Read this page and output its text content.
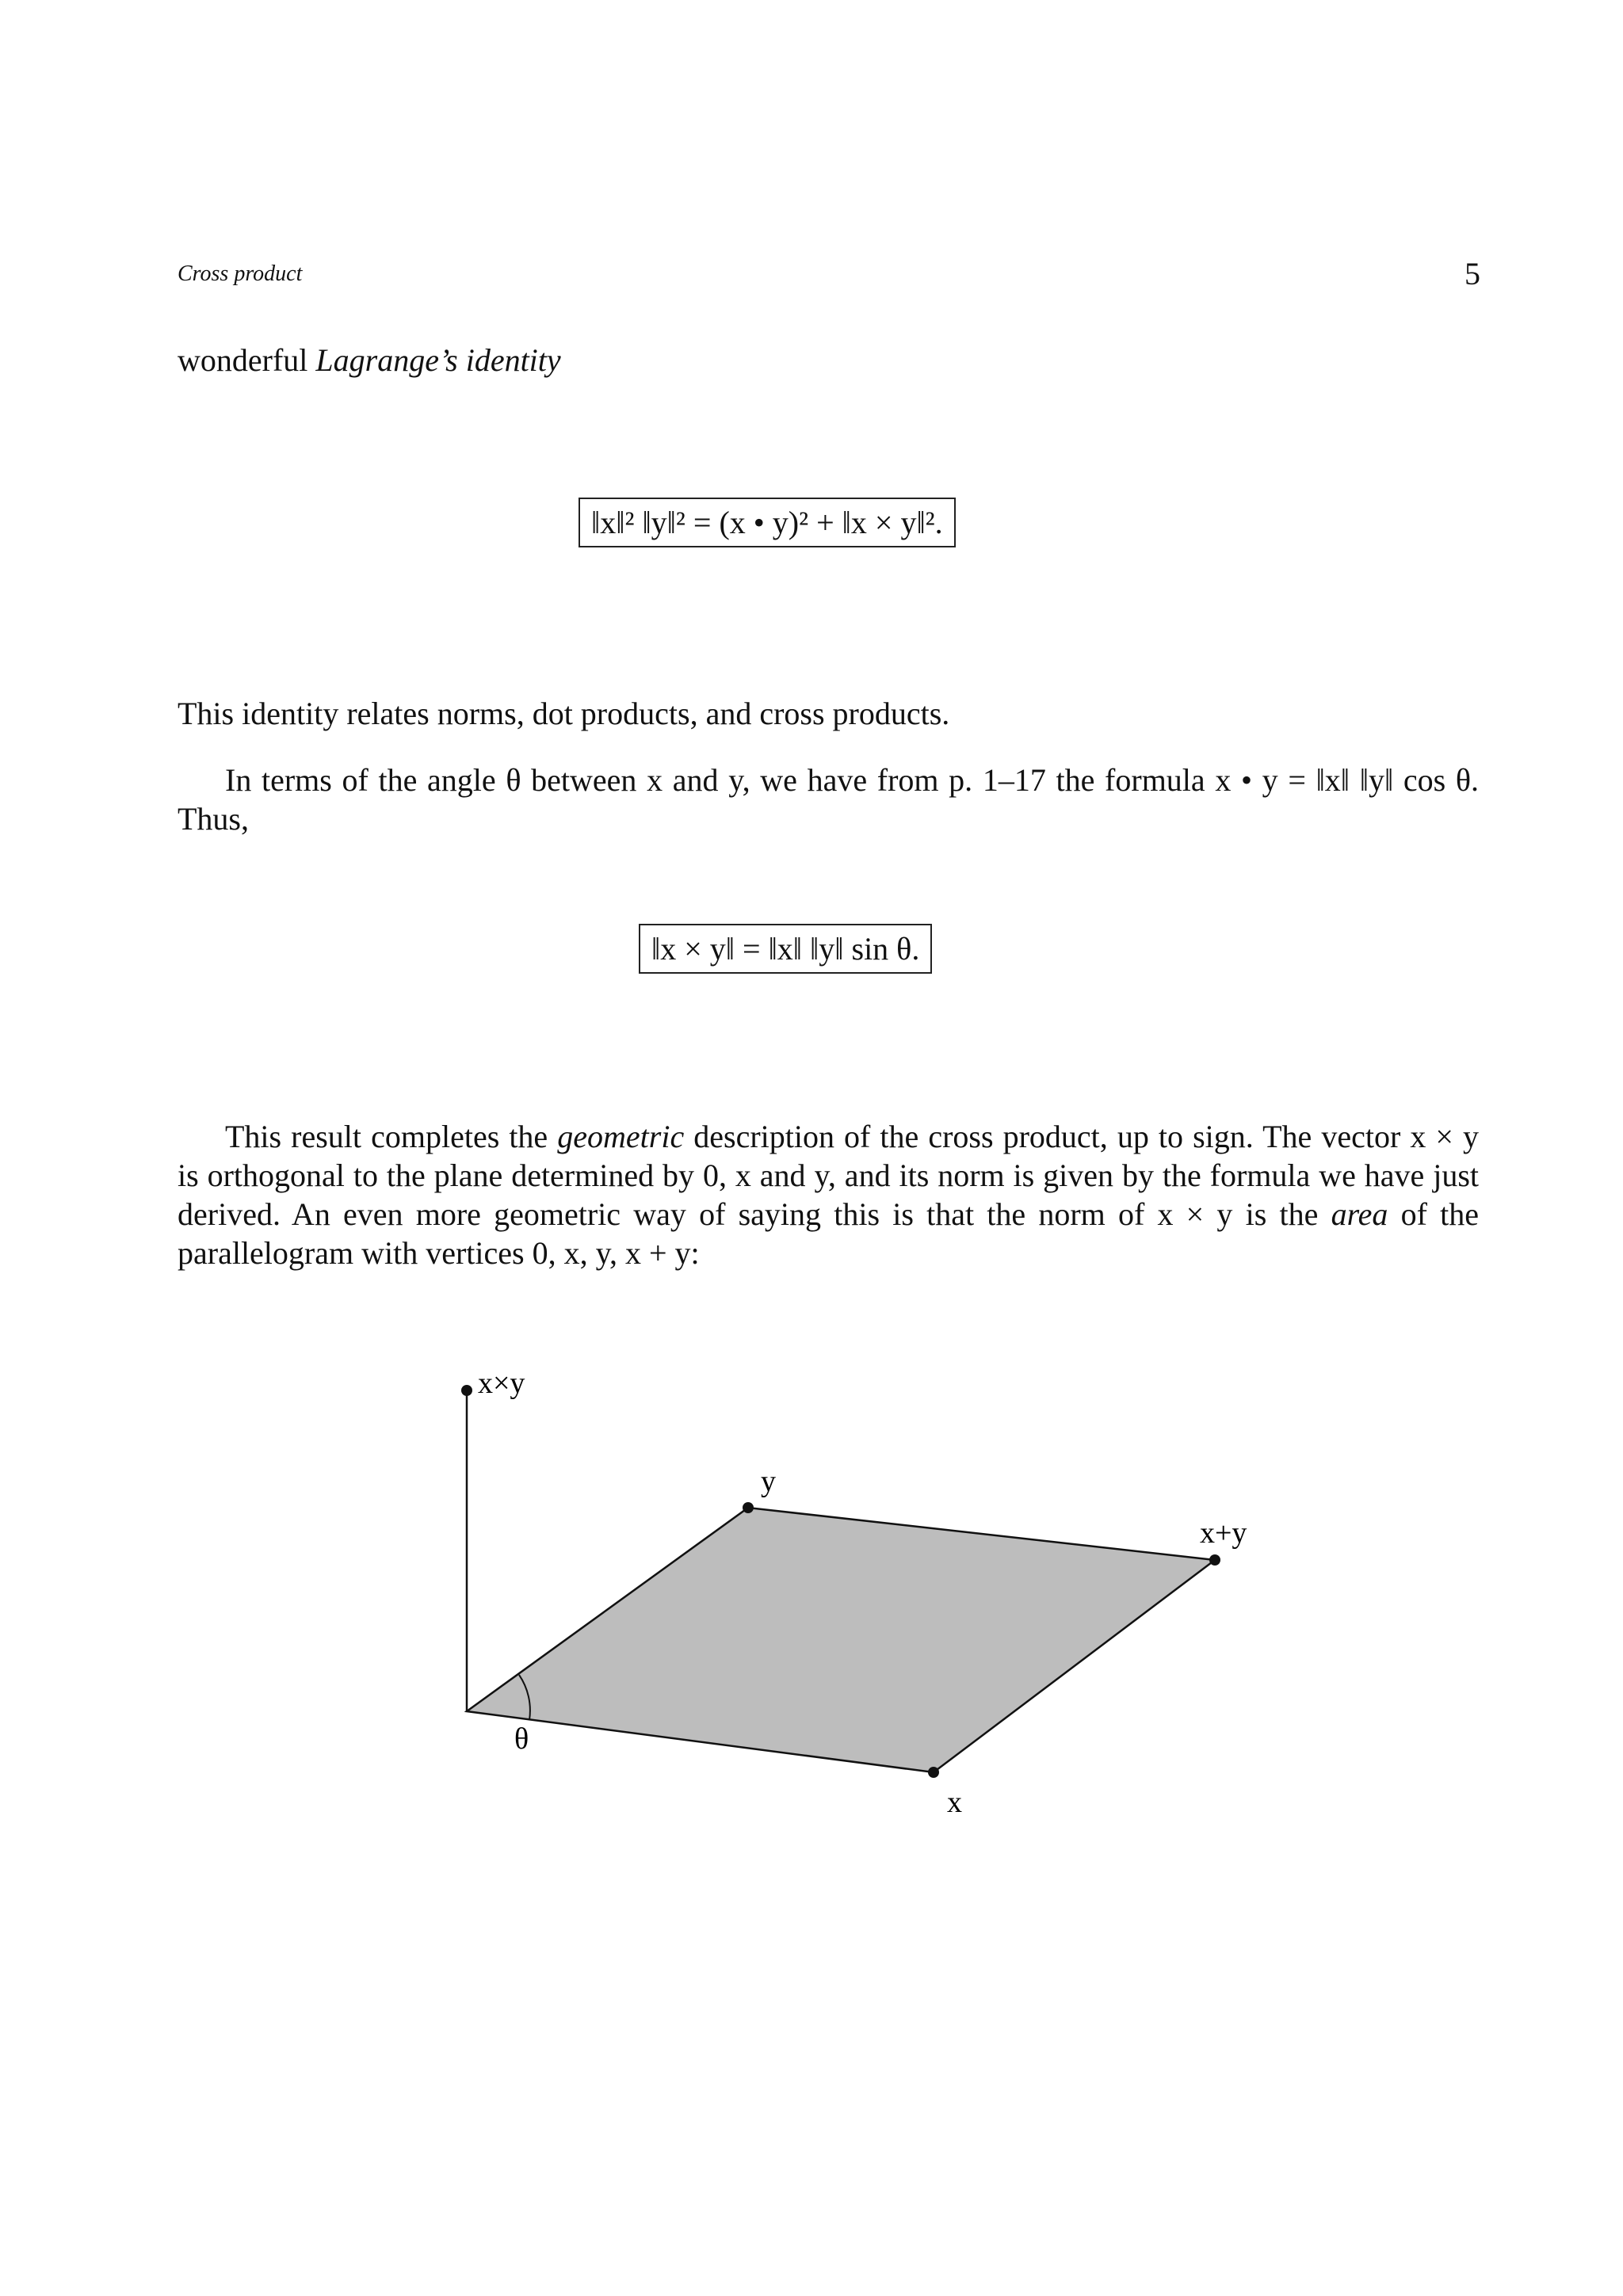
Cross product	5
wonderful Lagrange’s identity
‖x‖² ‖y‖² = (x • y)² + ‖x × y‖².
This identity relates norms, dot products, and cross products.
In terms of the angle θ between x and y, we have from p. 1–17 the formula x • y = ‖x‖ ‖y‖ cos θ. Thus,
‖x × y‖ = ‖x‖ ‖y‖ sin θ.
This result completes the geometric description of the cross product, up to sign. The vector x × y is orthogonal to the plane determined by 0, x and y, and its norm is given by the formula we have just derived. An even more geometric way of saying this is that the norm of x × y is the area of the parallelogram with vertices 0, x, y, x + y:
x×y
y
x+y
θ
x
